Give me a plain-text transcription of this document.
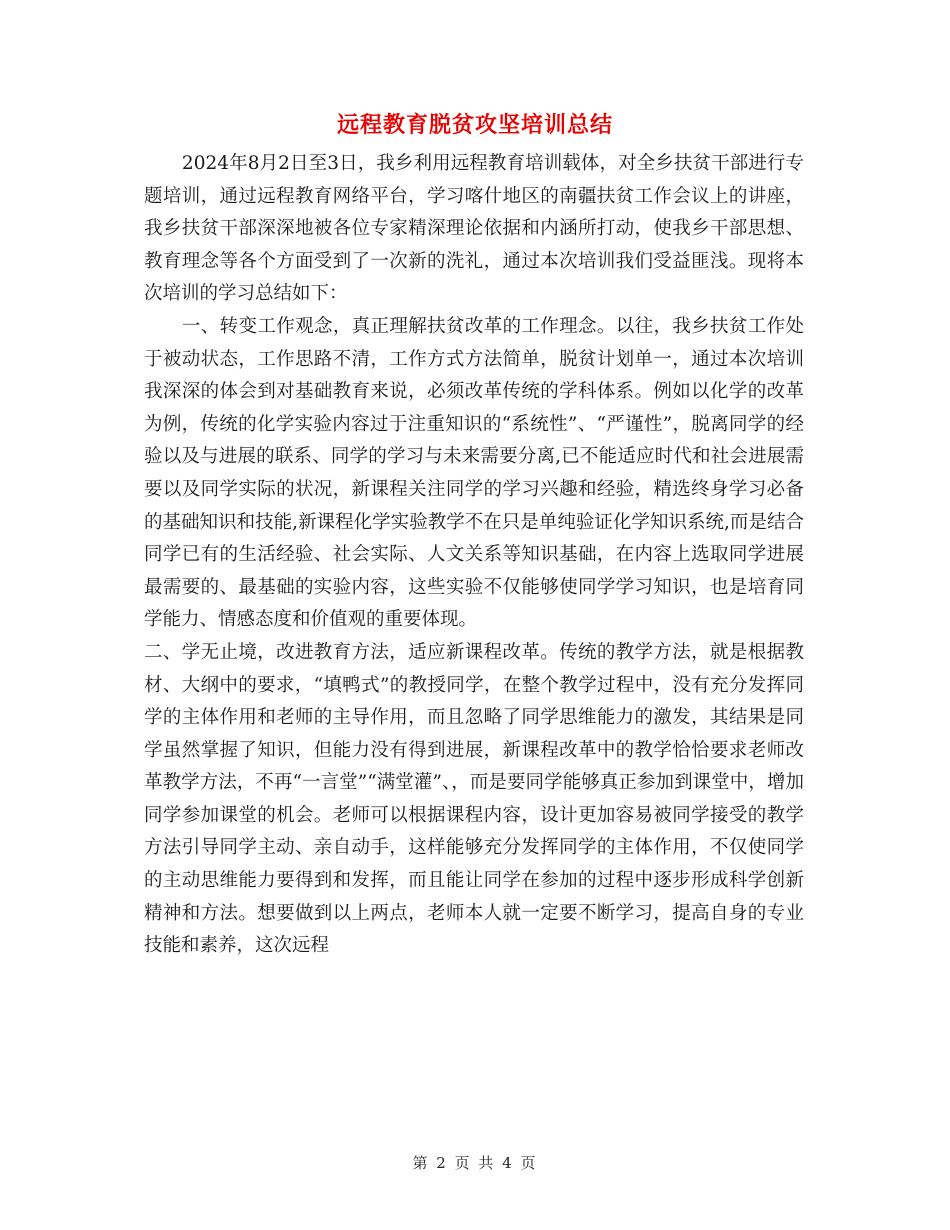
远程教育脱贫攻坚培训总结

2024年8月2日至3日，我乡利用远程教育培训载体，对全乡扶贫干部进行专题培训，通过远程教育网络平台，学习喀什地区的南疆扶贫工作会议上的讲座，我乡扶贫干部深深地被各位专家精深理论依据和内涵所打动，使我乡干部思想、教育理念等各个方面受到了一次新的洗礼，通过本次培训我们受益匪浅。现将本次培训的学习总结如下：

一、转变工作观念，真正理解扶贫改革的工作理念。以往，我乡扶贫工作处于被动状态，工作思路不清，工作方式方法简单，脱贫计划单一，通过本次培训我深深的体会到对基础教育来说，必须改革传统的学科体系。例如以化学的改革为例，传统的化学实验内容过于注重知识的“系统性”、“严谨性”，脱离同学的经验以及与进展的联系、同学的学习与未来需要分离,已不能适应时代和社会进展需要以及同学实际的状况，新课程关注同学的学习兴趣和经验，精选终身学习必备的基础知识和技能,新课程化学实验教学不在只是单纯验证化学知识系统,而是结合同学已有的生活经验、社会实际、人文关系等知识基础，在内容上选取同学进展最需要的、最基础的实验内容，这些实验不仅能够使同学学习知识，也是培育同学能力、情感态度和价值观的重要体现。

二、学无止境，改进教育方法，适应新课程改革。传统的教学方法，就是根据教材、大纲中的要求，“填鸭式”的教授同学，在整个教学过程中，没有充分发挥同学的主体作用和老师的主导作用，而且忽略了同学思维能力的激发，其结果是同学虽然掌握了知识，但能力没有得到进展，新课程改革中的教学恰恰要求老师改革教学方法，不再“一言堂”“满堂灌”、，而是要同学能够真正参加到课堂中，增加同学参加课堂的机会。老师可以根据课程内容，设计更加容易被同学接受的教学方法引导同学主动、亲自动手，这样能够充分发挥同学的主体作用，不仅使同学的主动思维能力要得到和发挥，而且能让同学在参加的过程中逐步形成科学创新精神和方法。想要做到以上两点，老师本人就一定要不断学习，提高自身的专业技能和素养，这次远程

第 2 页 共 4 页
